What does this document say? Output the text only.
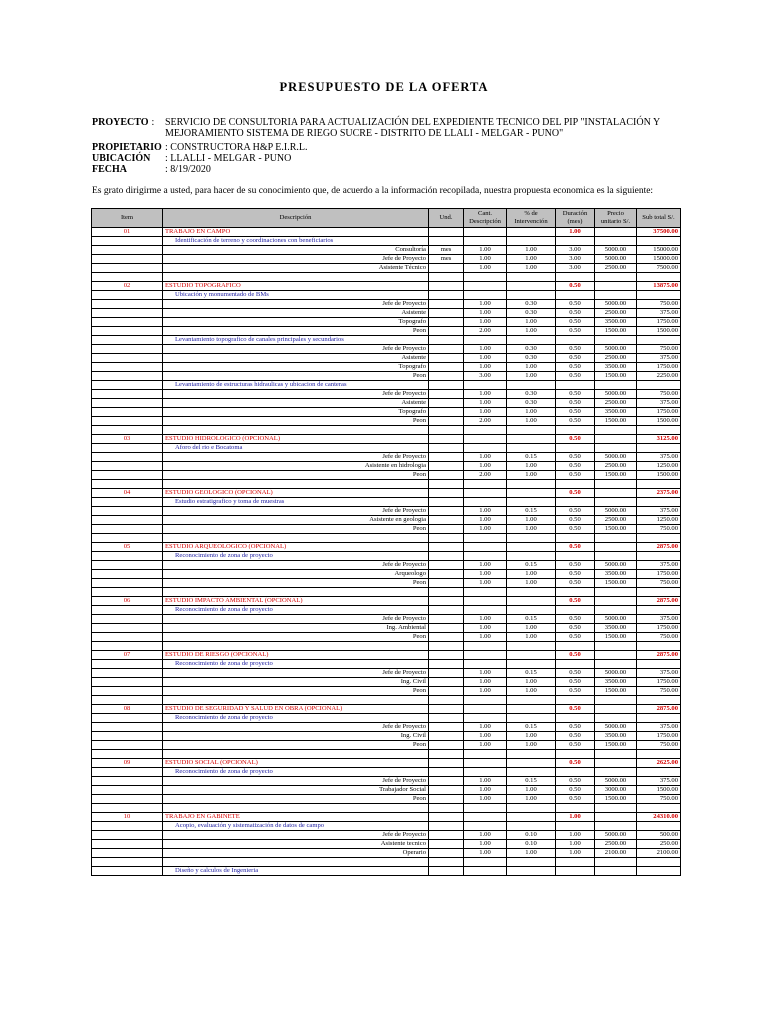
PRESUPUESTO DE LA OFERTA
PROYECTO :	SERVICIO DE CONSULTORIA PARA ACTUALIZACIÓN DEL EXPEDIENTE TECNICO DEL PIP "INSTALACIÓN Y
MEJORAMIENTO SISTEMA DE RIEGO SUCRE - DISTRITO DE LLALI - MELGAR - PUNO"
PROPIETARIO : CONSTRUCTORA H&P E.I.R.L.
UBICACIÓN	: LLALLI - MELGAR - PUNO
FECHA	: 8/19/2020
Es grato dirigirme a usted, para hacer de su conocimiento que, de acuerdo a la información recopilada, nuestra propuesta economica es la siguiente:
Item	Descripción	Und.	Cant. Descripción	% de Intervención	Duración (mes)	Precio unitario S/.	Sub total S/.
01	TRABAJO EN CAMPO				1.00		37500.00
	Identificación de terreno y coordinaciones con beneficiarios						
	Consultoría	mes	1.00	1.00	3.00	5000.00	15000.00
	Jefe de Proyecto	mes	1.00	1.00	3.00	5000.00	15000.00
	Asistente Técnico		1.00	1.00	3.00	2500.00	7500.00

02	ESTUDIO TOPOGRAFICO				0.50		13875.00
	Ubicación y monumentado de BMs						
	Jefe de Proyecto		1.00	0.30	0.50	5000.00	750.00
	Asistente		1.00	0.30	0.50	2500.00	375.00
	Topografo		1.00	1.00	0.50	3500.00	1750.00
	Peon		2.00	1.00	0.50	1500.00	1500.00
	Levantamiento topografico de canales principales y secundarios						
	Jefe de Proyecto		1.00	0.30	0.50	5000.00	750.00
	Asistente		1.00	0.30	0.50	2500.00	375.00
	Topografo		1.00	1.00	0.50	3500.00	1750.00
	Peon		3.00	1.00	0.50	1500.00	2250.00
	Levantamiento de estructuras hidraulicas y ubicacion de canteras						
	Jefe de Proyecto		1.00	0.30	0.50	5000.00	750.00
	Asistente		1.00	0.30	0.50	2500.00	375.00
	Topografo		1.00	1.00	0.50	3500.00	1750.00
	Peon		2.00	1.00	0.50	1500.00	1500.00

03	ESTUDIO HIDROLOGICO (OPCIONAL)				0.50		3125.00
	Aforo del rio e Bocatoma						
	Jefe de Proyecto		1.00	0.15	0.50	5000.00	375.00
	Asistente en hidrologia		1.00	1.00	0.50	2500.00	1250.00
	Peon		2.00	1.00	0.50	1500.00	1500.00

04	ESTUDIO GEOLOGICO (OPCIONAL)				0.50		2375.00
	Estudio estratigrafico y toma de muestras						
	Jefe de Proyecto		1.00	0.15	0.50	5000.00	375.00
	Asistente en geologia		1.00	1.00	0.50	2500.00	1250.00
	Peon		1.00	1.00	0.50	1500.00	750.00

05	ESTUDIO ARQUEOLOGICO (OPCIONAL)				0.50		2875.00
	Reconocimiento de zona de proyecto						
	Jefe de Proyecto		1.00	0.15	0.50	5000.00	375.00
	Arqueologo		1.00	1.00	0.50	3500.00	1750.00
	Peon		1.00	1.00	0.50	1500.00	750.00

06	ESTUDIO IMPACTO AMBIENTAL (OPCIONAL)				0.50		2875.00
	Reconocimiento de zona de proyecto						
	Jefe de Proyecto		1.00	0.15	0.50	5000.00	375.00
	Ing. Ambiental		1.00	1.00	0.50	3500.00	1750.00
	Peon		1.00	1.00	0.50	1500.00	750.00

07	ESTUDIO DE RIESGO (OPCIONAL)				0.50		2875.00
	Reconocimiento de zona de proyecto						
	Jefe de Proyecto		1.00	0.15	0.50	5000.00	375.00
	Ing. Civil		1.00	1.00	0.50	3500.00	1750.00
	Peon		1.00	1.00	0.50	1500.00	750.00

08	ESTUDIO DE SEGURIDAD Y SALUD EN OBRA (OPCIONAL)				0.50		2875.00
	Reconocimiento de zona de proyecto						
	Jefe de Proyecto		1.00	0.15	0.50	5000.00	375.00
	Ing. Civil		1.00	1.00	0.50	3500.00	1750.00
	Peon		1.00	1.00	0.50	1500.00	750.00

09	ESTUDIO SOCIAL (OPCIONAL)				0.50		2625.00
	Reconocimiento de zona de proyecto						
	Jefe de Proyecto		1.00	0.15	0.50	5000.00	375.00
	Trabajador Social		1.00	1.00	0.50	3000.00	1500.00
	Peon		1.00	1.00	0.50	1500.00	750.00

10	TRABAJO EN GABINETE				1.00		24310.00
	Acopio, evaluación y sistematización de datos de campo						
	Jefe de Proyecto		1.00	0.10	1.00	5000.00	500.00
	Asistente tecnico		1.00	0.10	1.00	2500.00	250.00
	Operario		1.00	1.00	1.00	2100.00	2100.00

	Diseño y calculos de Ingenieria						
